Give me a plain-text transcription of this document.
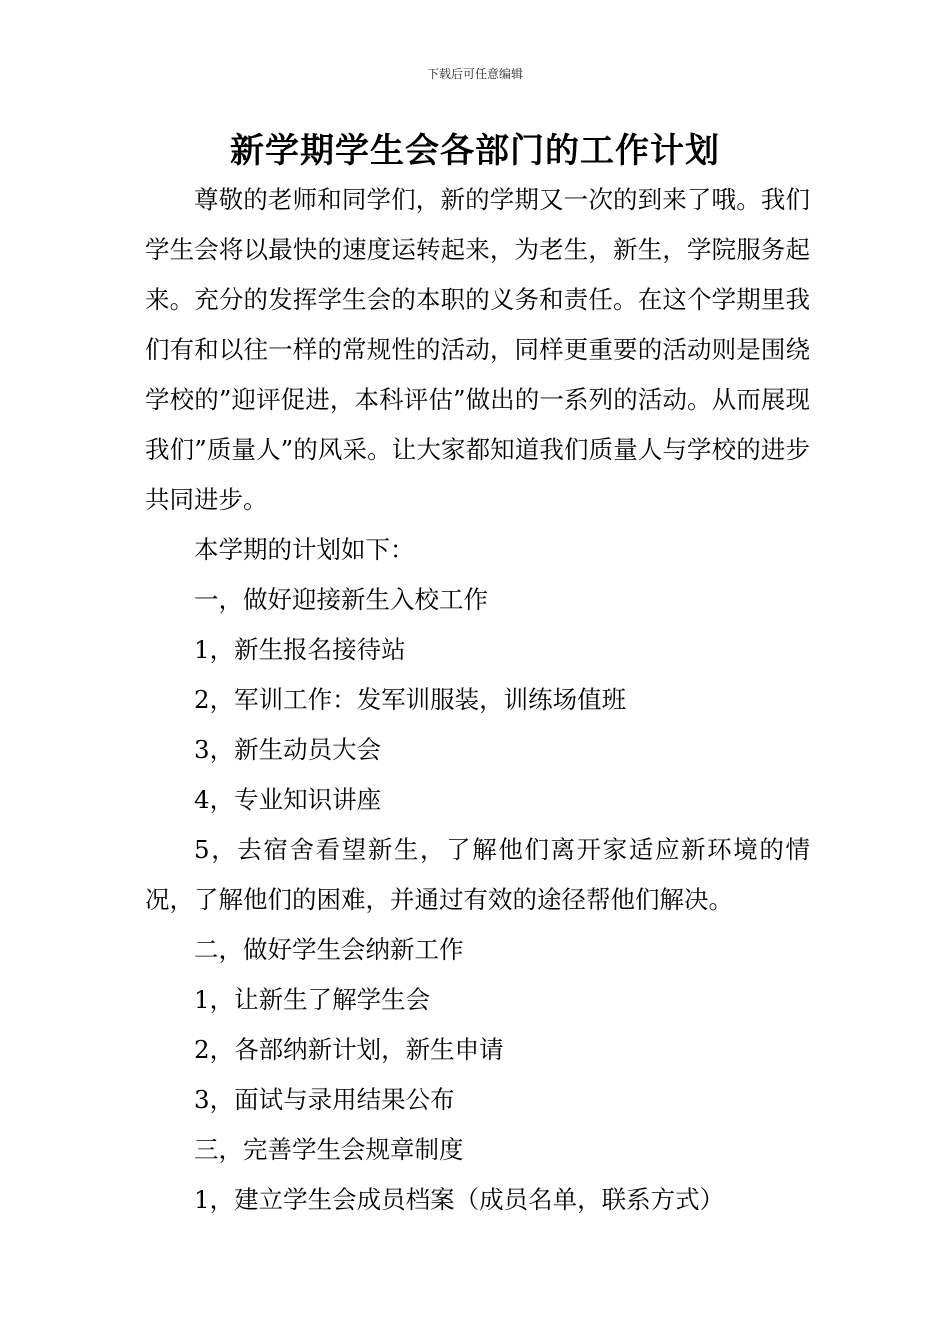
下载后可任意编辑
新学期学生会各部门的工作计划

尊敬的老师和同学们，新的学期又一次的到来了哦。我们学生会将以最快的速度运转起来，为老生，新生，学院服务起来。充分的发挥学生会的本职的义务和责任。在这个学期里我们有和以往一样的常规性的活动，同样更重要的活动则是围绕学校的”迎评促进，本科评估”做出的一系列的活动。从而展现我们”质量人”的风采。让大家都知道我们质量人与学校的进步共同进步。

本学期的计划如下：

一，做好迎接新生入校工作

1，新生报名接待站

2，军训工作：发军训服装，训练场值班

3，新生动员大会

4，专业知识讲座

5，去宿舍看望新生，了解他们离开家适应新环境的情况，了解他们的困难，并通过有效的途径帮他们解决。

二，做好学生会纳新工作

1，让新生了解学生会

2，各部纳新计划，新生申请

3，面试与录用结果公布

三，完善学生会规章制度

1，建立学生会成员档案（成员名单，联系方式）
